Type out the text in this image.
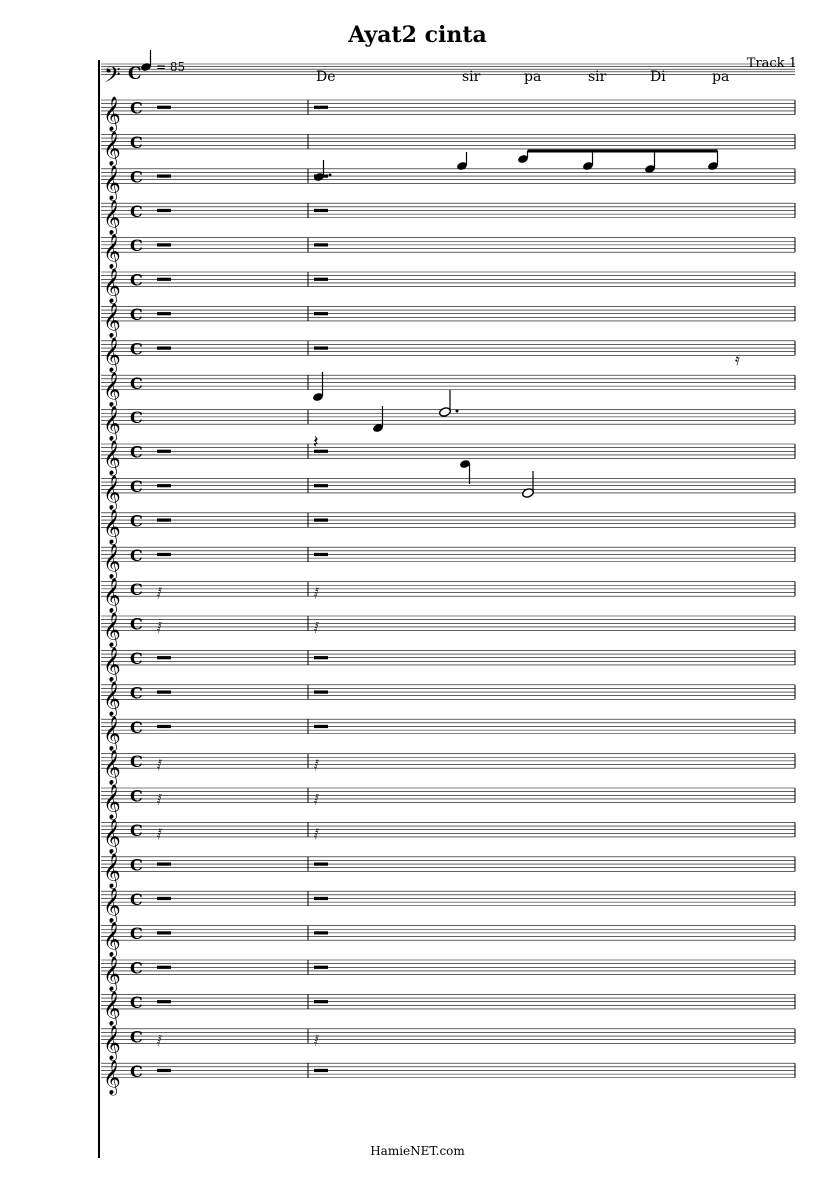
Ayat2 cinta
Track 1
HamieNET.com
= 85
𝄢 C	De	sir	pa	sir	Di	pa
𝄞 C
𝄞 C
𝄞 C
𝄞 C
𝄞 C
𝄞 C
𝄞 C
𝄞 C
𝄞 C
𝄞 C
𝄞 C
𝄞 C
𝄞 C
𝄞 C
𝄞 C 𝅁	𝅁
𝄞 C 𝅁	𝅁
𝄞 C
𝄞 C
𝄞 C
𝄞 C 𝅁	𝅁
𝄞 C 𝅁	𝅁
𝄞 C 𝅁	𝅁
𝄞 C
𝄞 C
𝄞 C
𝄞 C
𝄞 C
𝄞 C 𝅁	𝅁
𝄞 C
𝄽
𝄿
